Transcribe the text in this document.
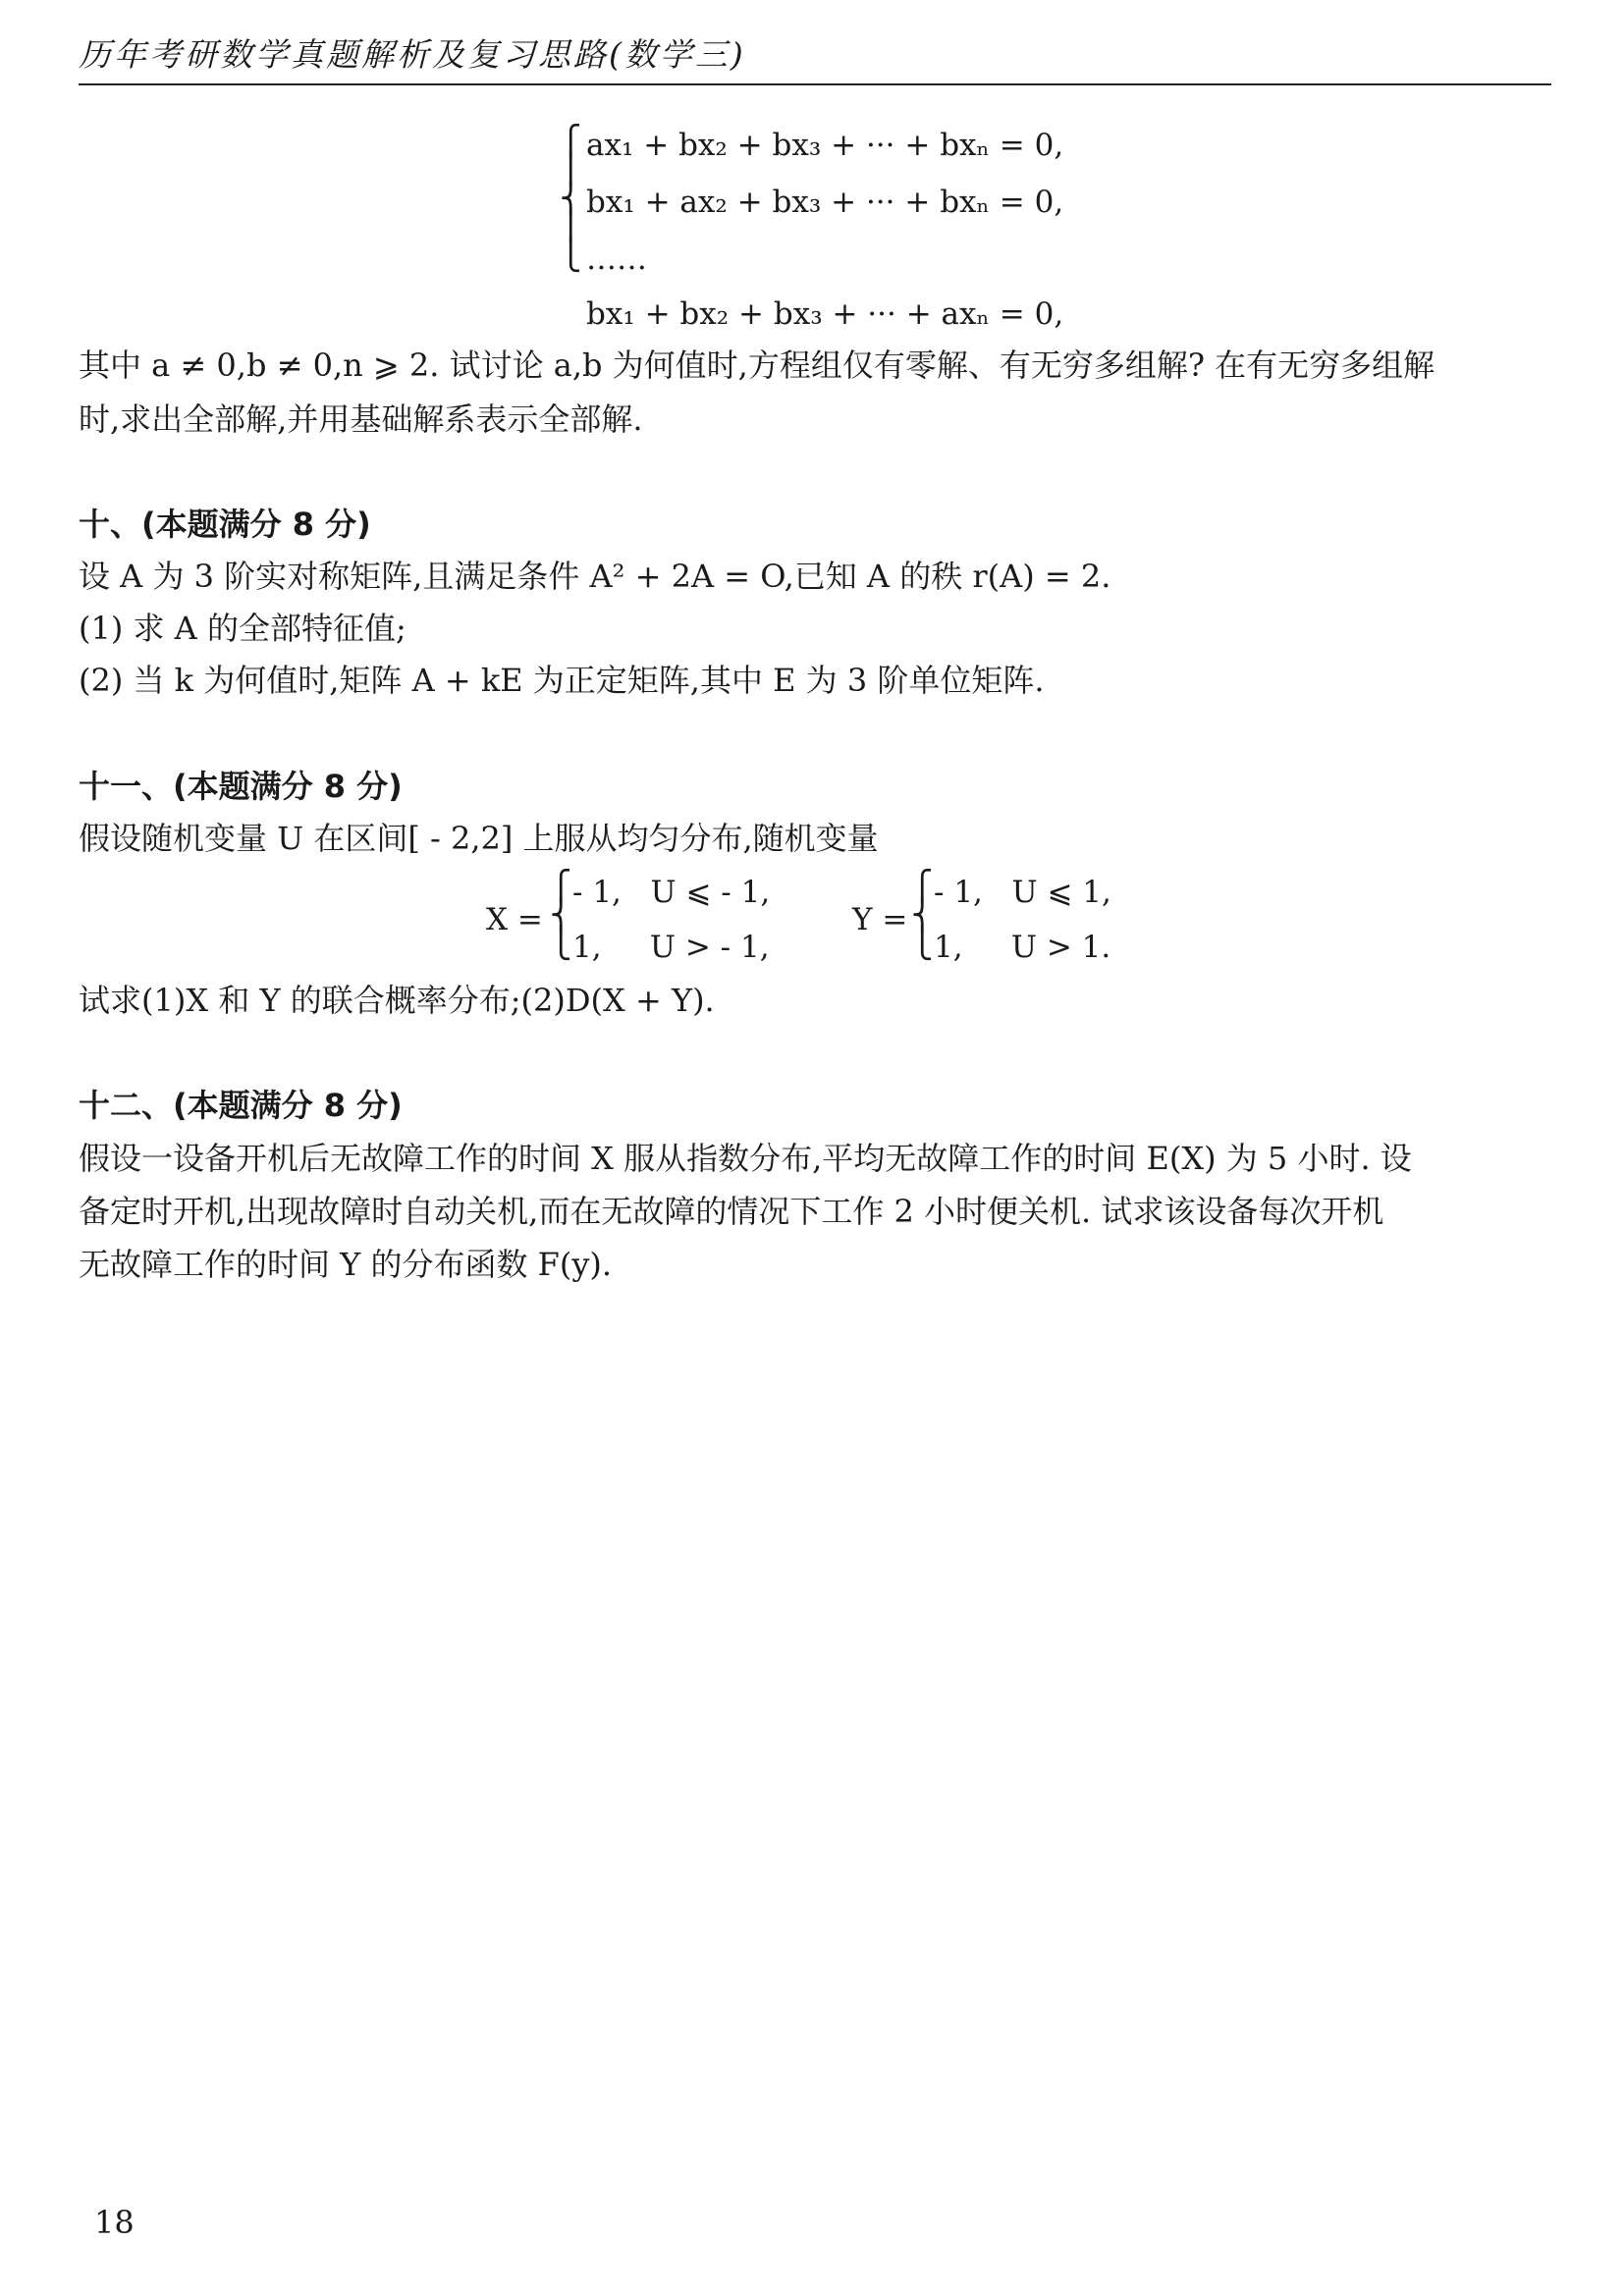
历年考研数学真题解析及复习思路(数学三)
⎧
⎪
⎨
⎪
⎩
ax₁ + bx₂ + bx₃ + ··· + bxₙ = 0,
bx₁ + ax₂ + bx₃ + ··· + bxₙ = 0,
……
bx₁ + bx₂ + bx₃ + ··· + axₙ = 0,
其中 a ≠ 0,b ≠ 0,n ⩾ 2. 试讨论 a,b 为何值时,方程组仅有零解、有无穷多组解? 在有无穷多组解
时,求出全部解,并用基础解系表示全部解.
十、(本题满分 8 分)
设 A 为 3 阶实对称矩阵,且满足条件 A² + 2A = O,已知 A 的秩 r(A) = 2.
(1) 求 A 的全部特征值;
(2) 当 k 为何值时,矩阵 A + kE 为正定矩阵,其中 E 为 3 阶单位矩阵.
十一、(本题满分 8 分)
假设随机变量 U 在区间[ - 2,2] 上服从均匀分布,随机变量
X =
⎧
⎨
⎩
- 1,   U ⩽ - 1,
1,     U > - 1,
Y =
⎧
⎨
⎩
- 1,   U ⩽ 1,
1,     U > 1.
试求(1)X 和 Y 的联合概率分布;(2)D(X + Y).
十二、(本题满分 8 分)
假设一设备开机后无故障工作的时间 X 服从指数分布,平均无故障工作的时间 E(X) 为 5 小时. 设
备定时开机,出现故障时自动关机,而在无故障的情况下工作 2 小时便关机. 试求该设备每次开机
无故障工作的时间 Y 的分布函数 F(y).
18
